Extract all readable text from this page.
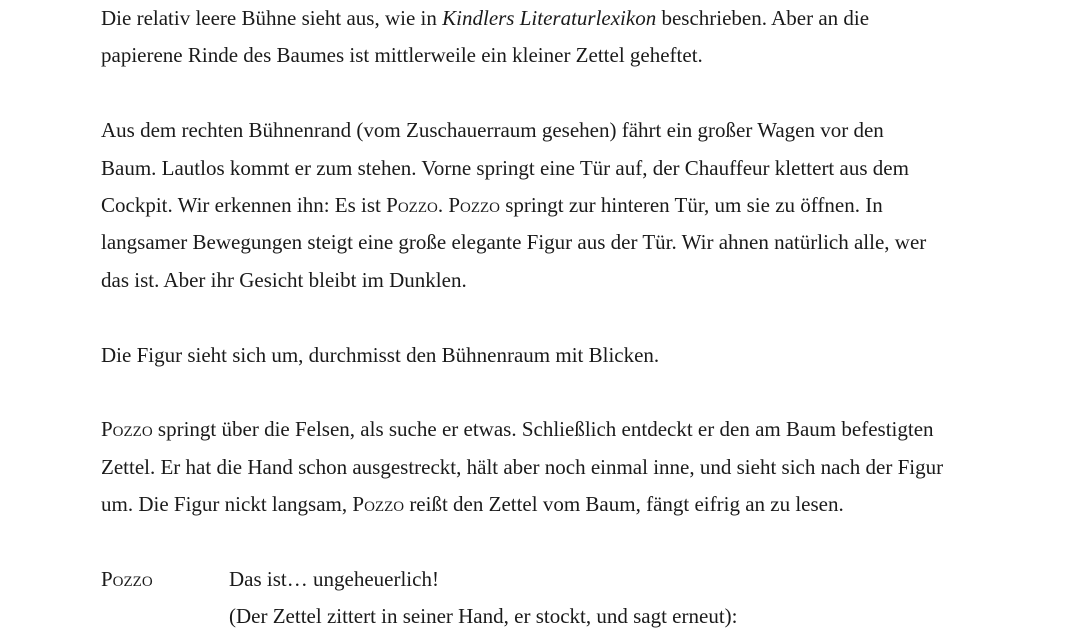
Die relativ leere Bühne sieht aus, wie in Kindlers Literaturlexikon beschrieben. Aber an die
papierene Rinde des Baumes ist mittlerweile ein kleiner Zettel geheftet.
Aus dem rechten Bühnenrand (vom Zuschauerraum gesehen) fährt ein großer Wagen vor den
Baum. Lautlos kommt er zum stehen. Vorne springt eine Tür auf, der Chauffeur klettert aus dem
Cockpit. Wir erkennen ihn: Es ist Pozzo. Pozzo springt zur hinteren Tür, um sie zu öffnen. In
langsamer Bewegungen steigt eine große elegante Figur aus der Tür. Wir ahnen natürlich alle, wer
das ist. Aber ihr Gesicht bleibt im Dunklen.
Die Figur sieht sich um, durchmisst den Bühnenraum mit Blicken.
Pozzo springt über die Felsen, als suche er etwas. Schließlich entdeckt er den am Baum befestigten
Zettel. Er hat die Hand schon ausgestreckt, hält aber noch einmal inne, und sieht sich nach der Figur
um. Die Figur nickt langsam, Pozzo reißt den Zettel vom Baum, fängt eifrig an zu lesen.
Pozzo	Das ist… ungeheuerlich!
(Der Zettel zittert in seiner Hand, er stockt, und sagt erneut):
